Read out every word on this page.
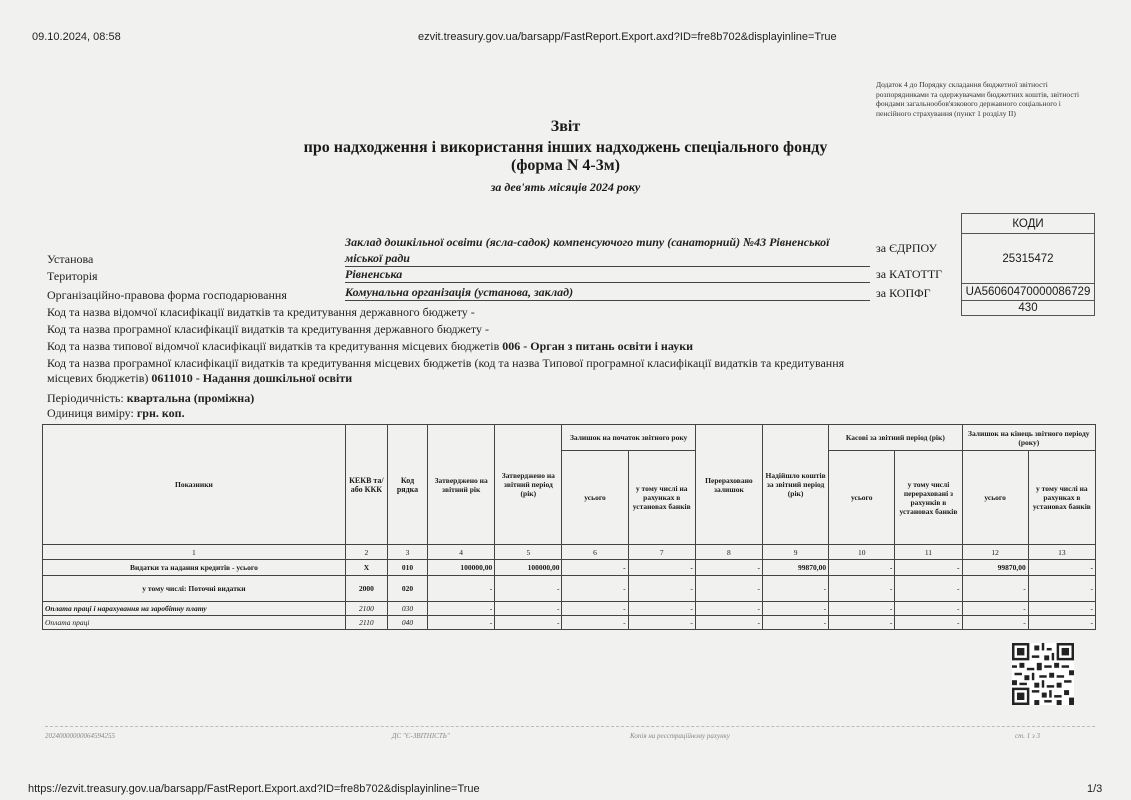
09.10.2024, 08:58	ezvit.treasury.gov.ua/barsapp/FastReport.Export.axd?ID=fre8b702&displayinline=True
Додаток 4 до Порядку складання бюджетної звітності розпорядниками та одержувачами бюджетних коштів, звітності фондами загальнообов'язкового державного соціального і пенсійного страхування (пункт 1 розділу II)
Звіт
про надходження і використання інших надходжень спеціального фонду
(форма N 4-3м)
за дев'ять місяців 2024 року
КОДИ
25315472
UA56060470000086729
430
за ЄДРПОУ
за КАТОТТГ
за КОПФГ
Установа
Заклад дошкільної освіти (ясла-садок) компенсуючого типу (санаторний) №43 Рівненської
міської ради
Територія	Рівненська
Організаційно-правова форма господарювання	Комунальна організація (установа, заклад)
Код та назва відомчої класифікації видатків та кредитування державного бюджету -
Код та назва програмної класифікації видатків та кредитування державного бюджету -
Код та назва типової відомчої класифікації видатків та кредитування місцевих бюджетів 006 - Орган з питань освіти і науки
Код та назва програмної класифікації видатків та кредитування місцевих бюджетів (код та назва Типової програмної класифікації видатків та кредитування
місцевих бюджетів) 0611010 - Надання дошкільної освіти
Періодичність: квартальна (проміжна)
Одиниця виміру: грн. коп.
Показники	КЕКВ та/або ККК	Код рядка	Затверджено на звітний рік	Затверджено на звітний період (рік)	Залишок на початок звітного року		Перераховано залишок	Надійшло коштів за звітний період (рік)	Касові за звітний період (рік)		Залишок на кінець звітного періоду (року)	
					усього	у тому числі на рахунках в установах банків			усього	у тому числі перераховані з рахунків в установах банків	усього	у тому числі на рахунках в установах банків
1	2	3	4	5	6	7	8	9	10	11	12	13
Видатки та надання кредитів - усього	X	010	100000,00	100000,00	-	-	-	99870,00	-	-	99870,00	-
у тому числі: Поточні видатки	2000	020	-	-	-	-	-	-	-	-	-	-
Оплата праці і нарахування на заробітну плату	2100	030	-	-	-	-	-	-	-	-	-	-
Оплата праці	2110	040	-	-	-	-	-	-	-	-	-	-
20240000000064594255	ДС "Є-ЗВІТНІСТЬ"	Копія на реєстраційному рахунку	ст. 1 з 3
https://ezvit.treasury.gov.ua/barsapp/FastReport.Export.axd?ID=fre8b702&displayinline=True	1/3
